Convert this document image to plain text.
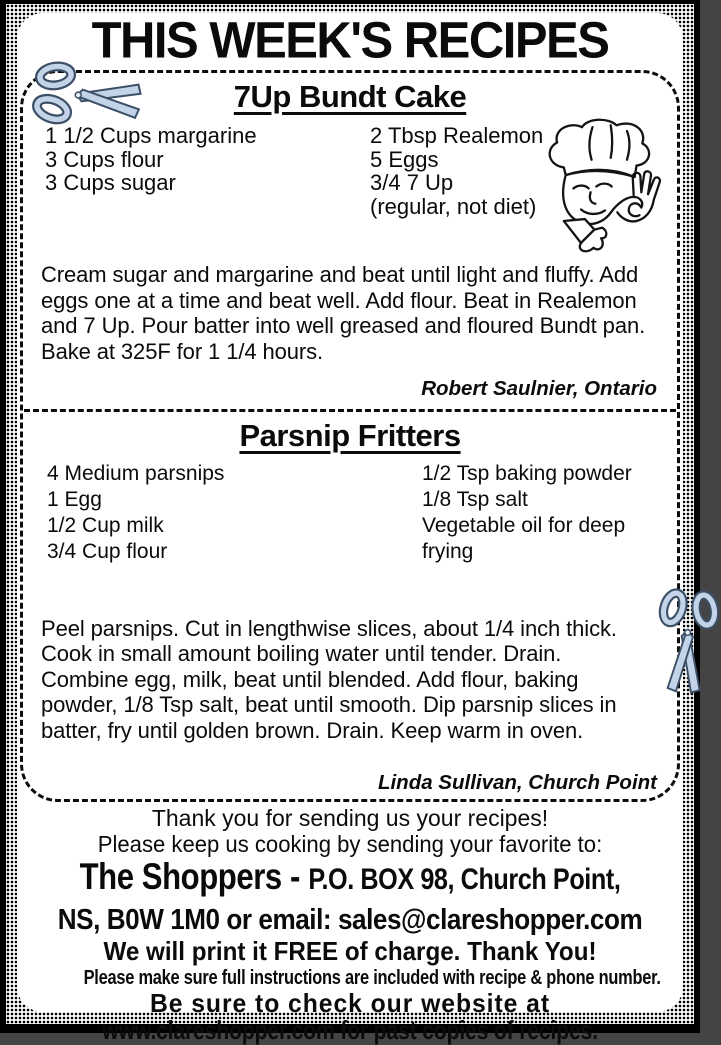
THIS WEEK'S RECIPES
7Up Bundt Cake
1 1/2 Cups margarine
3 Cups flour
3 Cups sugar
2 Tbsp Realemon
5 Eggs
3/4 7 Up
(regular, not diet)

Cream sugar and margarine and beat until light and fluffy. Add eggs one at a time and beat well. Add flour. Beat in Realemon and 7 Up. Pour batter into well greased and floured Bundt pan. Bake at 325F for 1 1/4 hours.

Robert Saulnier, Ontario
Parsnip Fritters
4 Medium parsnips
1 Egg
1/2 Cup milk
3/4 Cup flour
1/2 Tsp baking powder
1/8 Tsp salt
Vegetable oil for deep frying

Peel parsnips. Cut in lengthwise slices, about 1/4 inch thick. Cook in small amount boiling water until tender. Drain. Combine egg, milk, beat until blended. Add flour, baking powder, 1/8 Tsp salt, beat until smooth. Dip parsnip slices in batter, fry until golden brown. Drain. Keep warm in oven.

Linda Sullivan, Church Point
Thank you for sending us your recipes!
Please keep us cooking by sending your favorite to:
The Shoppers - P.O. BOX 98, Church Point,
NS, B0W 1M0 or email: sales@clareshopper.com
We will print it FREE of charge. Thank You!
Please make sure full instructions are included with recipe & phone number.
Be sure to check our website at
www.clareshopper.com for past copies of recipes.
